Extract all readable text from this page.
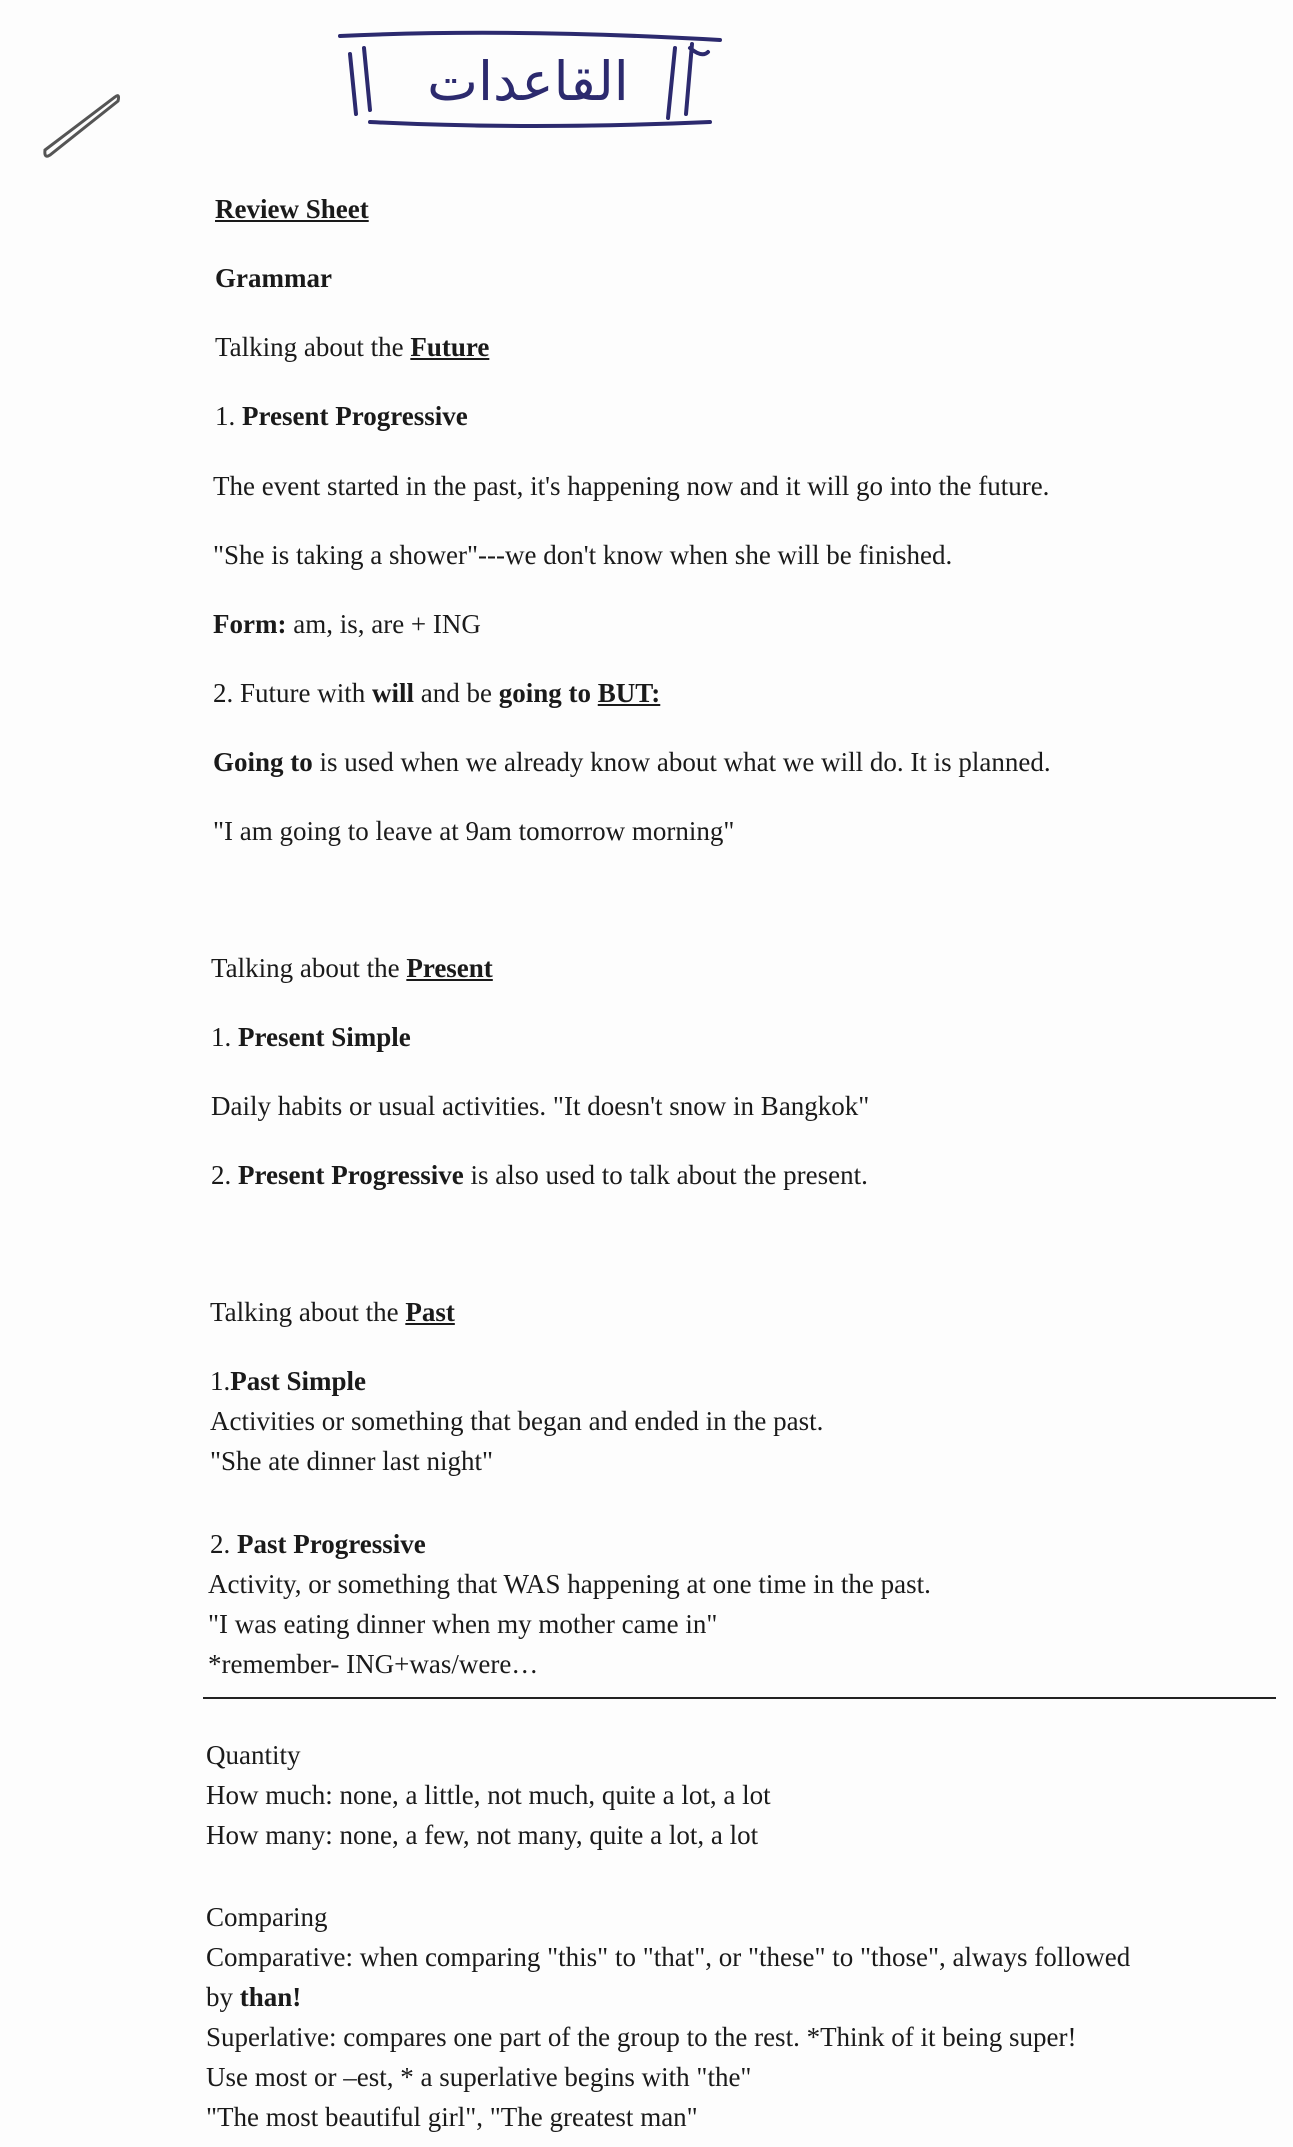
القاعدات
Review Sheet
Grammar
Talking about the Future
1. Present Progressive
The event started in the past, it's happening now and it will go into the future.
"She is taking a shower"---we don't know when she will be finished.
Form: am, is, are + ING
2. Future with will and be going to BUT:
Going to is used when we already know about what we will do. It is planned.
"I am going to leave at 9am tomorrow morning"
Talking about the Present
1. Present Simple
Daily habits or usual activities. "It doesn't snow in Bangkok"
2. Present Progressive is also used to talk about the present.
Talking about the Past
1.Past Simple
Activities or something that began and ended in the past.
"She ate dinner last night"
2. Past Progressive
Activity, or something that WAS happening at one time in the past.
"I was eating dinner when my mother came in"
*remember- ING+was/were…
Quantity
How much: none, a little, not much, quite a lot, a lot
How many: none, a few, not many, quite a lot, a lot
Comparing
Comparative: when comparing "this" to "that", or "these" to "those", always followed
by than!
Superlative: compares one part of the group to the rest. *Think of it being super!
Use most or –est, * a superlative begins with "the"
"The most beautiful girl", "The greatest man"
